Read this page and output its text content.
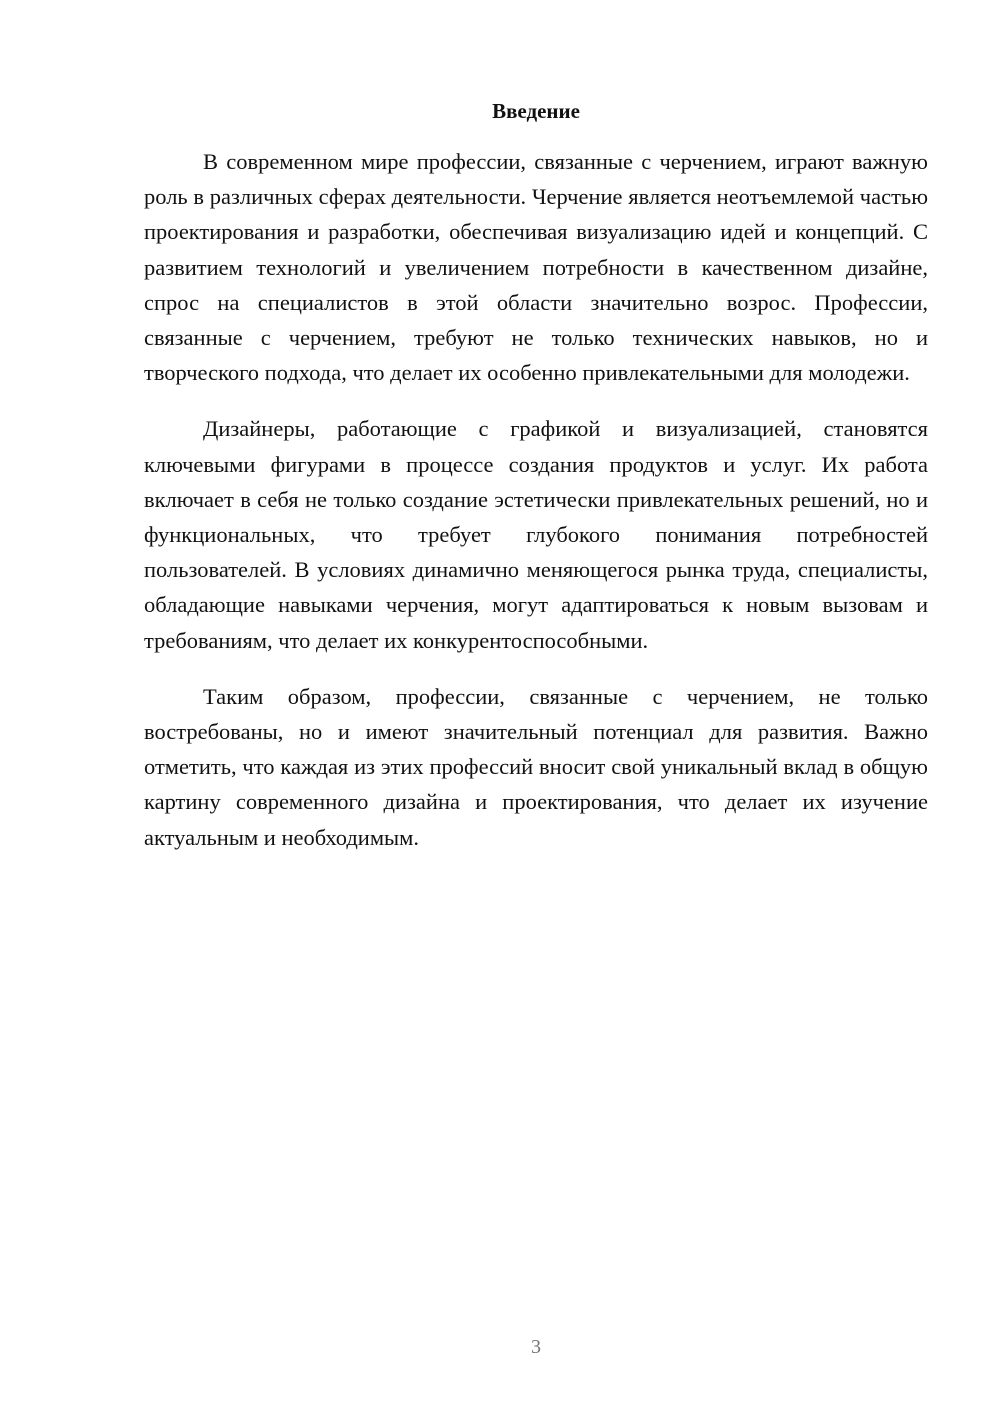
Введение

В современном мире профессии, связанные с черчением, играют важную роль в различных сферах деятельности. Черчение является неотъемлемой частью проектирования и разработки, обеспечивая визуализацию идей и концепций. С развитием технологий и увеличением потребности в качественном дизайне, спрос на специалистов в этой области значительно возрос. Профессии, связанные с черчением, требуют не только технических навыков, но и творческого подхода, что делает их особенно привлекательными для молодежи.

Дизайнеры, работающие с графикой и визуализацией, становятся ключевыми фигурами в процессе создания продуктов и услуг. Их работа включает в себя не только создание эстетически привлекательных решений, но и функциональных, что требует глубокого понимания потребностей пользователей. В условиях динамично меняющегося рынка труда, специалисты, обладающие навыками черчения, могут адаптироваться к новым вызовам и требованиям, что делает их конкурентоспособными.

Таким образом, профессии, связанные с черчением, не только востребованы, но и имеют значительный потенциал для развития. Важно отметить, что каждая из этих профессий вносит свой уникальный вклад в общую картину современного дизайна и проектирования, что делает их изучение актуальным и необходимым.

3
